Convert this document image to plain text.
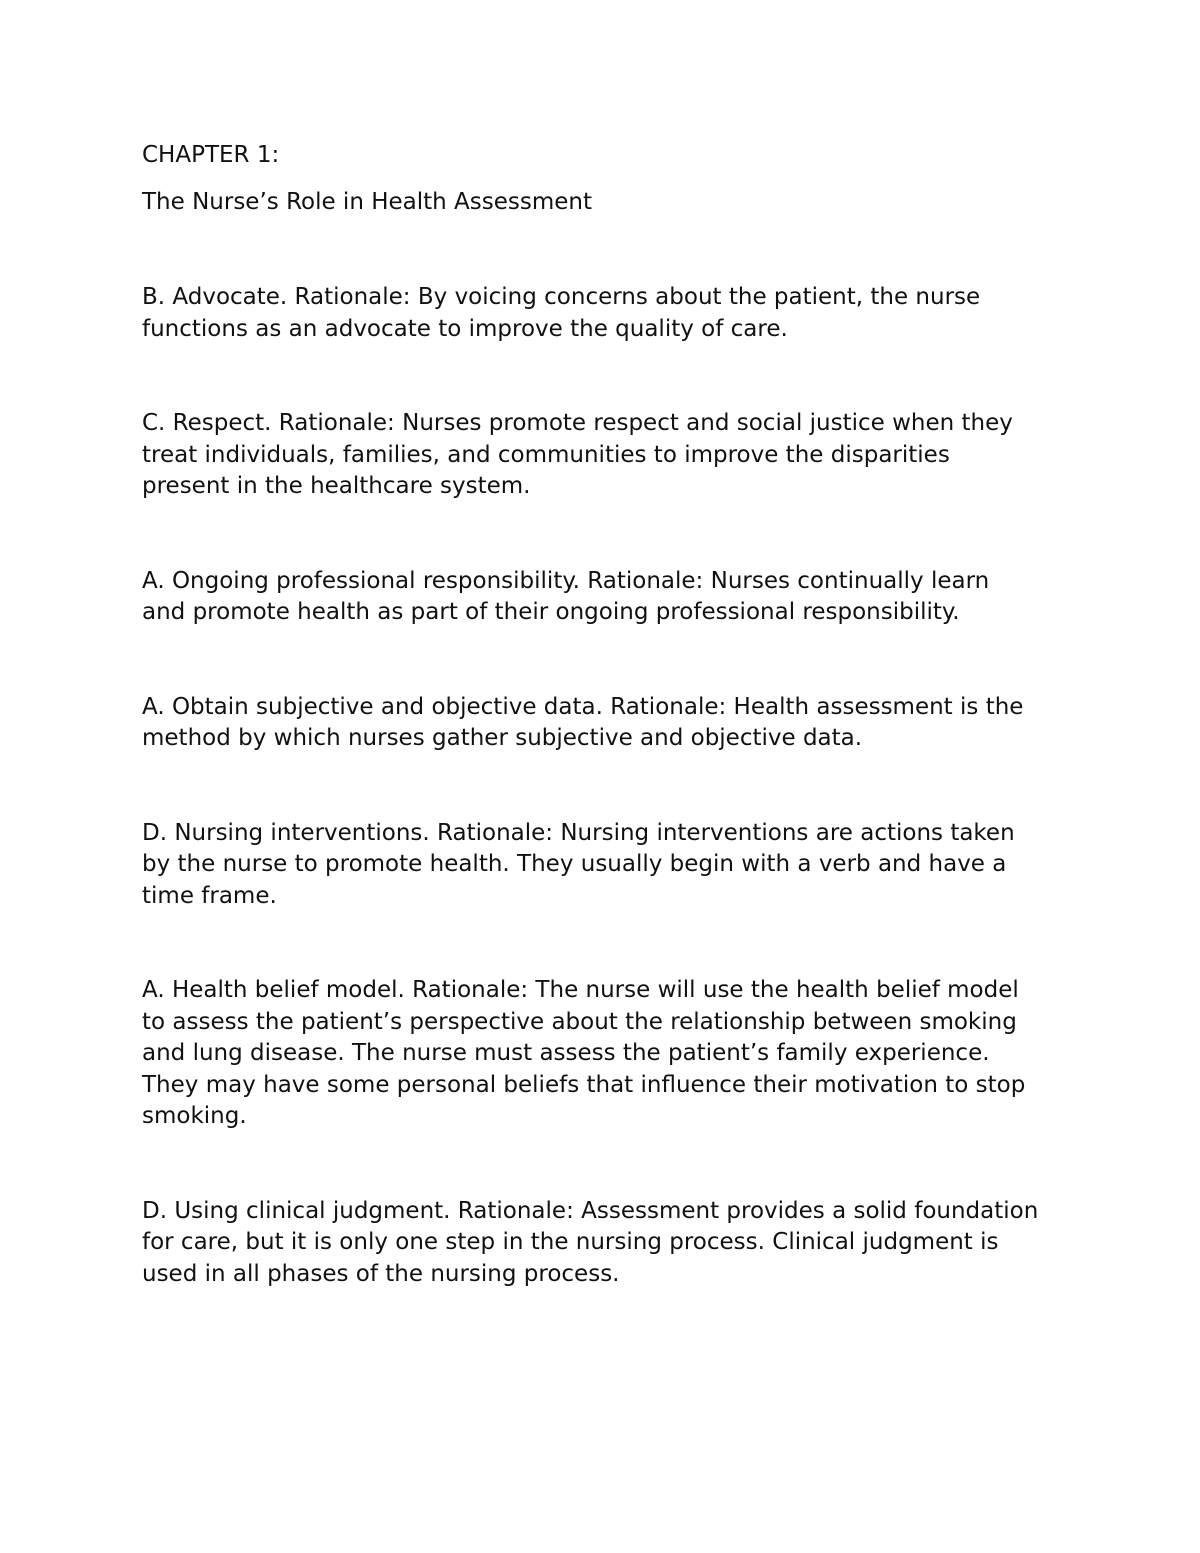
CHAPTER 1:

The Nurse’s Role in Health Assessment

B. Advocate. Rationale: By voicing concerns about the patient, the nurse
functions as an advocate to improve the quality of care.

C. Respect. Rationale: Nurses promote respect and social justice when they
treat individuals, families, and communities to improve the disparities
present in the healthcare system.

A. Ongoing professional responsibility. Rationale: Nurses continually learn
and promote health as part of their ongoing professional responsibility.

A. Obtain subjective and objective data. Rationale: Health assessment is the
method by which nurses gather subjective and objective data.

D. Nursing interventions. Rationale: Nursing interventions are actions taken
by the nurse to promote health. They usually begin with a verb and have a
time frame.

A. Health belief model. Rationale: The nurse will use the health belief model
to assess the patient’s perspective about the relationship between smoking
and lung disease. The nurse must assess the patient’s family experience.
They may have some personal beliefs that influence their motivation to stop
smoking.

D. Using clinical judgment. Rationale: Assessment provides a solid foundation
for care, but it is only one step in the nursing process. Clinical judgment is
used in all phases of the nursing process.
